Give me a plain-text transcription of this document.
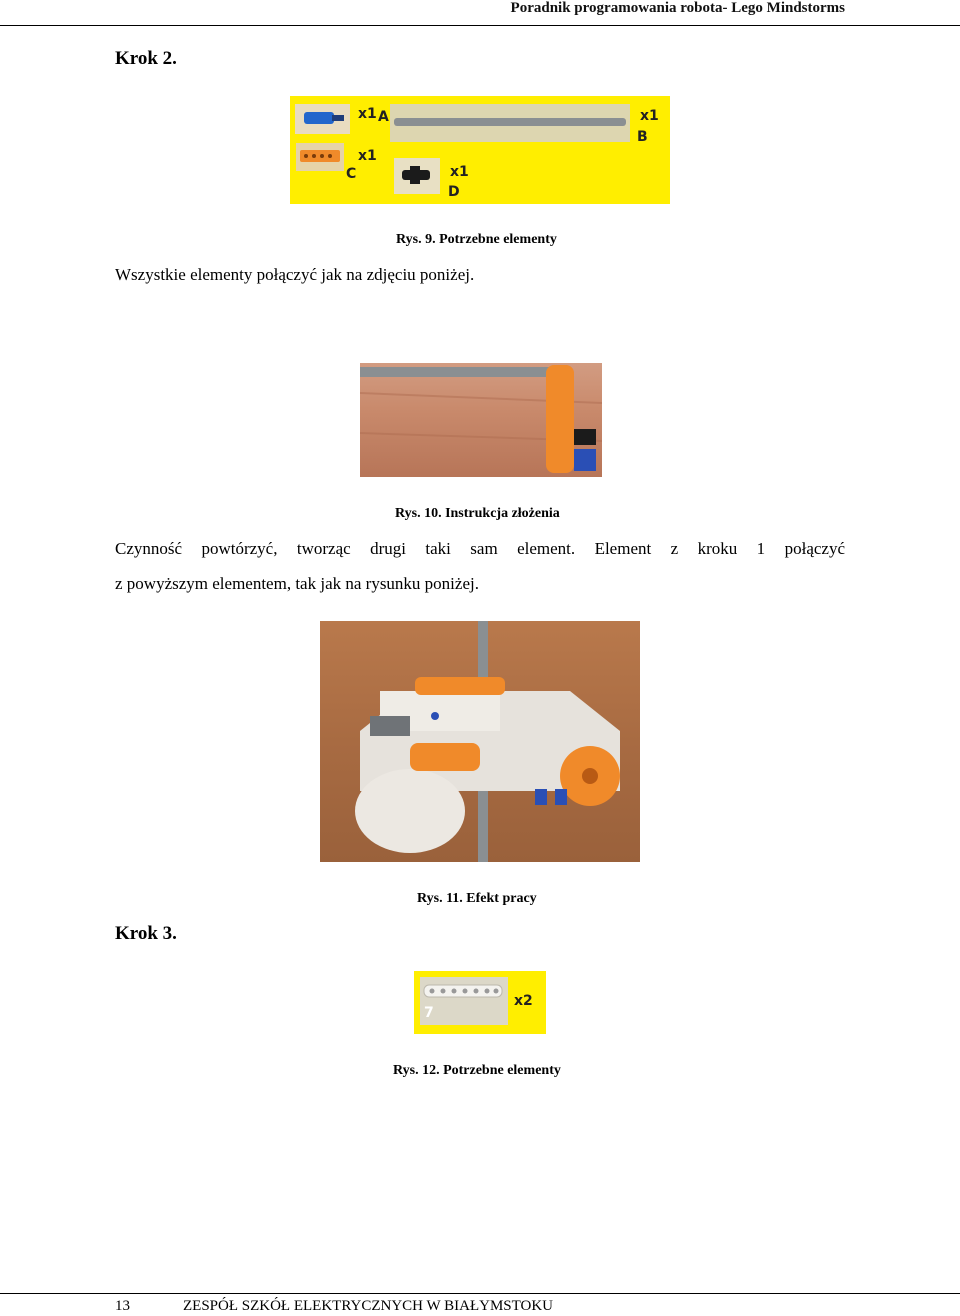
Poradnik programowania robota- Lego Mindstorms
Krok 2.
x1 A	x1
B
x1
C	x1
D
Rys. 9. Potrzebne elementy
Wszystkie elementy połączyć jak na zdjęciu poniżej.
Rys. 10. Instrukcja złożenia
Czynność powtórzyć, tworząc drugi taki sam element. Element z kroku 1 połączyć
z powyższym elementem, tak jak na rysunku poniżej.
Rys. 11. Efekt pracy
Krok 3.
7
x2
Rys. 12. Potrzebne elementy
13	ZESPÓŁ SZKÓŁ ELEKTRYCZNYCH W BIAŁYMSTOKU
